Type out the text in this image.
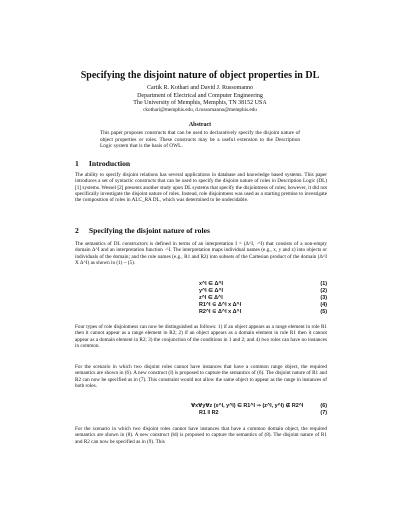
Specifying the disjoint nature of object properties in DL
Cartik R. Kothari and David J. Russomanno
Department of Electrical and Computer Engineering
The University of Memphis, Memphis, TN 38152 USA
ckothari@memphis.edu, d.russomanno@memphis.edu
Abstract
This paper proposes constructs that can be used to declaratively specify the disjoint nature of object properties or roles. These constructs may be a useful extension to the Description Logic system that is the basis of OWL.
1 Introduction
The ability to specify disjoint relations has several applications in database and knowledge based systems. This paper introduces a set of syntactic constructs that can be used to specify the disjoint nature of roles in Description Logic (DL) [1] systems. Wessel [2] presents another study upon DL systems that specify the disjointness of roles; however, it did not specifically investigate the disjoint nature of roles. Instead, role disjointness was used as a starting premise to investigate the composition of roles in ALC_RA DL, which was determined to be undecidable.
2 Specifying the disjoint nature of roles
The semantics of DL constructors is defined in terms of an interpretation I = (Δ^I, ·^I) that consists of a non-empty domain Δ^I and an interpretation function ·^I. The interpretation maps individual names (e.g., x, y and z) into objects or individuals of the domain; and the role names (e.g., R1 and R2) into subsets of the Cartesian product of the domain (Δ^I X Δ^I) as shown in (1) ~ (5).
x^I ∈ Δ^I	(1)
y^I ∈ Δ^I	(2)
z^I ∈ Δ^I	(3)
R1^I ⊆ Δ^I x Δ^I	(4)
R2^I ⊆ Δ^I x Δ^I	(5)
Four types of role disjointness can now be distinguished as follows: 1) if an object appears as a range element in role R1 then it cannot appear as a range element in R2; 2) if an object appears as a domain element in role R1 then it cannot appear as a domain element in R2; 3) the conjunction of the conditions in 1 and 2; and 4) two roles can have no instances in common.
For the scenario in which two disjoint roles cannot have instances that have a common range object, the required semantics are shown in (6). A new construct (‖) is proposed to capture the semantics of (6). The disjoint nature of R1 and R2 can now be specified as in (7). This constraint would not allow the same object to appear as the range in instances of both roles.
∀x∀y∀z (x^I, y^I) ∈ R1^I ⇒ (z^I, y^I) ∉ R2^I	(6)
R1 ‖ R2	(7)
For the scenario in which two disjoint roles cannot have instances that have a common domain object, the required semantics are shown in (8). A new construct (‖d) is proposed to capture the semantics of (8). The disjoint nature of R1 and R2 can now be specified as in (9). This
